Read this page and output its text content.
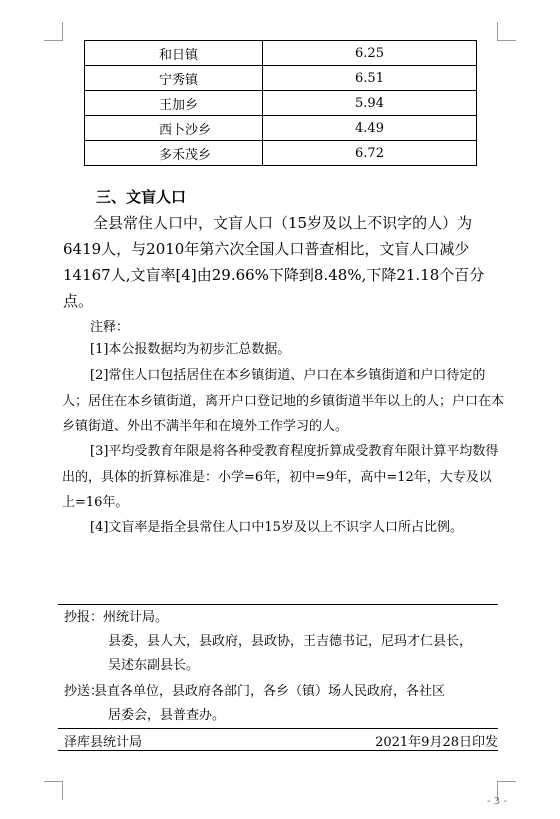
和日镇	6.25
宁秀镇	6.51
王加乡	5.94
西卜沙乡	4.49
多禾茂乡	6.72
三、文盲人口
全县常住人口中，文盲人口（15岁及以上不识字的人）为6419人，与2010年第六次全国人口普查相比，文盲人口减少14167人,文盲率[4]由29.66%下降到8.48%,下降21.18个百分点。
注释：
[1]本公报数据均为初步汇总数据。
[2]常住人口包括居住在本乡镇街道、户口在本乡镇街道和户口待定的人；居住在本乡镇街道，离开户口登记地的乡镇街道半年以上的人；户口在本乡镇街道、外出不满半年和在境外工作学习的人。
[3]平均受教育年限是将各种受教育程度折算成受教育年限计算平均数得出的，具体的折算标准是：小学=6年，初中=9年，高中=12年，大专及以上=16年。
[4]文盲率是指全县常住人口中15岁及以上不识字人口所占比例。
抄报：州统计局。
县委，县人大，县政府，县政协，王吉德书记，尼玛才仁县长，
吴述东副县长。
抄送：
县直各单位，县政府各部门，各乡（镇）场人民政府，各社区
居委会，县普查办。
泽库县统计局	2021年9月28日印发
- 3 -
